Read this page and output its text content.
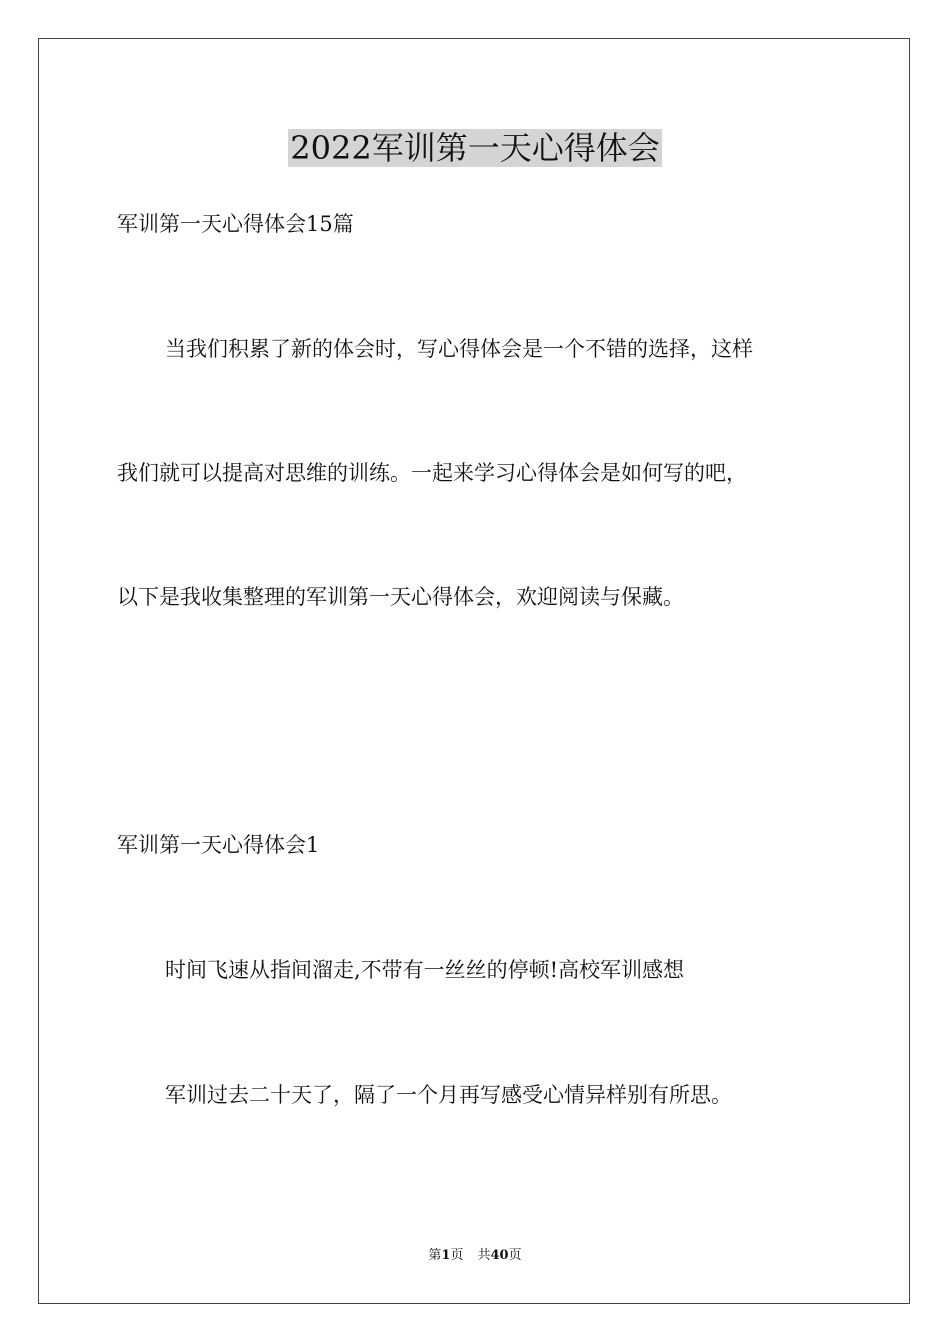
2022军训第一天心得体会

军训第一天心得体会15篇

当我们积累了新的体会时，写心得体会是一个不错的选择，这样

我们就可以提高对思维的训练。一起来学习心得体会是如何写的吧，

以下是我收集整理的军训第一天心得体会，欢迎阅读与保藏。

军训第一天心得体会1

时间飞速从指间溜走,不带有一丝丝的停顿!高校军训感想

军训过去二十天了，隔了一个月再写感受心情异样别有所思。

第1页 共40页
